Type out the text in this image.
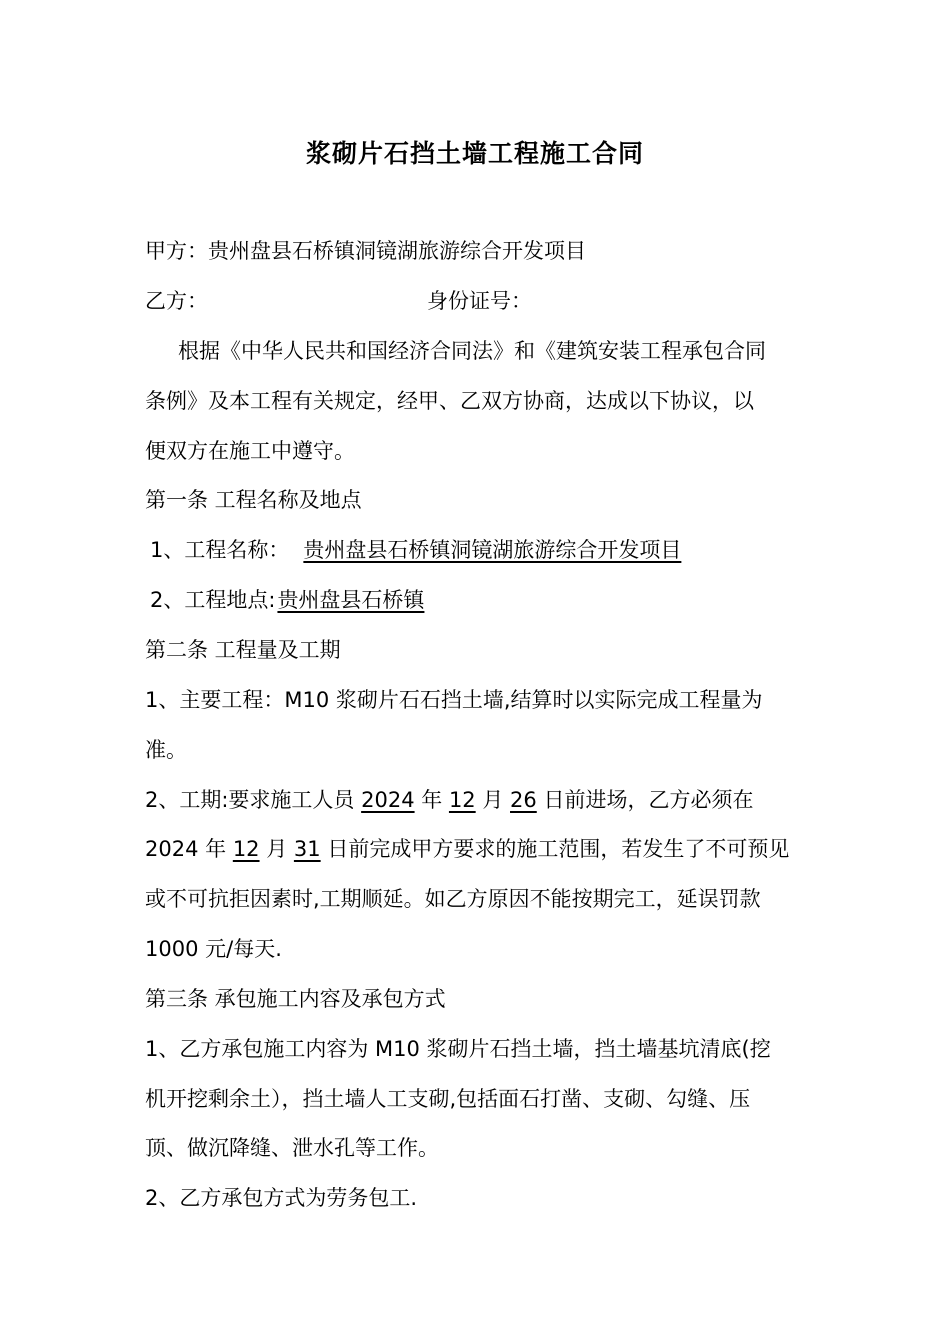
浆砌片石挡土墙工程施工合同
甲方：贵州盘县石桥镇洞镜湖旅游综合开发项目
乙方：	身份证号：
根据《中华人民共和国经济合同法》和《建筑安装工程承包合同
条例》及本工程有关规定，经甲、乙双方协商，达成以下协议，以
便双方在施工中遵守。
第一条 工程名称及地点
1、工程名称： 贵州盘县石桥镇洞镜湖旅游综合开发项目
2、工程地点:贵州盘县石桥镇
第二条 工程量及工期
1、主要工程：M10 浆砌片石石挡土墙,结算时以实际完成工程量为
准。
2、工期:要求施工人员 2024 年 12 月 26 日前进场，乙方必须在
2024 年 12 月 31 日前完成甲方要求的施工范围，若发生了不可预见
或不可抗拒因素时,工期顺延。如乙方原因不能按期完工，延误罚款
1000 元/每天.
第三条 承包施工内容及承包方式
1、乙方承包施工内容为 M10 浆砌片石挡土墙，挡土墙基坑清底(挖
机开挖剩余土），挡土墙人工支砌,包括面石打凿、支砌、勾缝、压
顶、做沉降缝、泄水孔等工作。
2、乙方承包方式为劳务包工.
